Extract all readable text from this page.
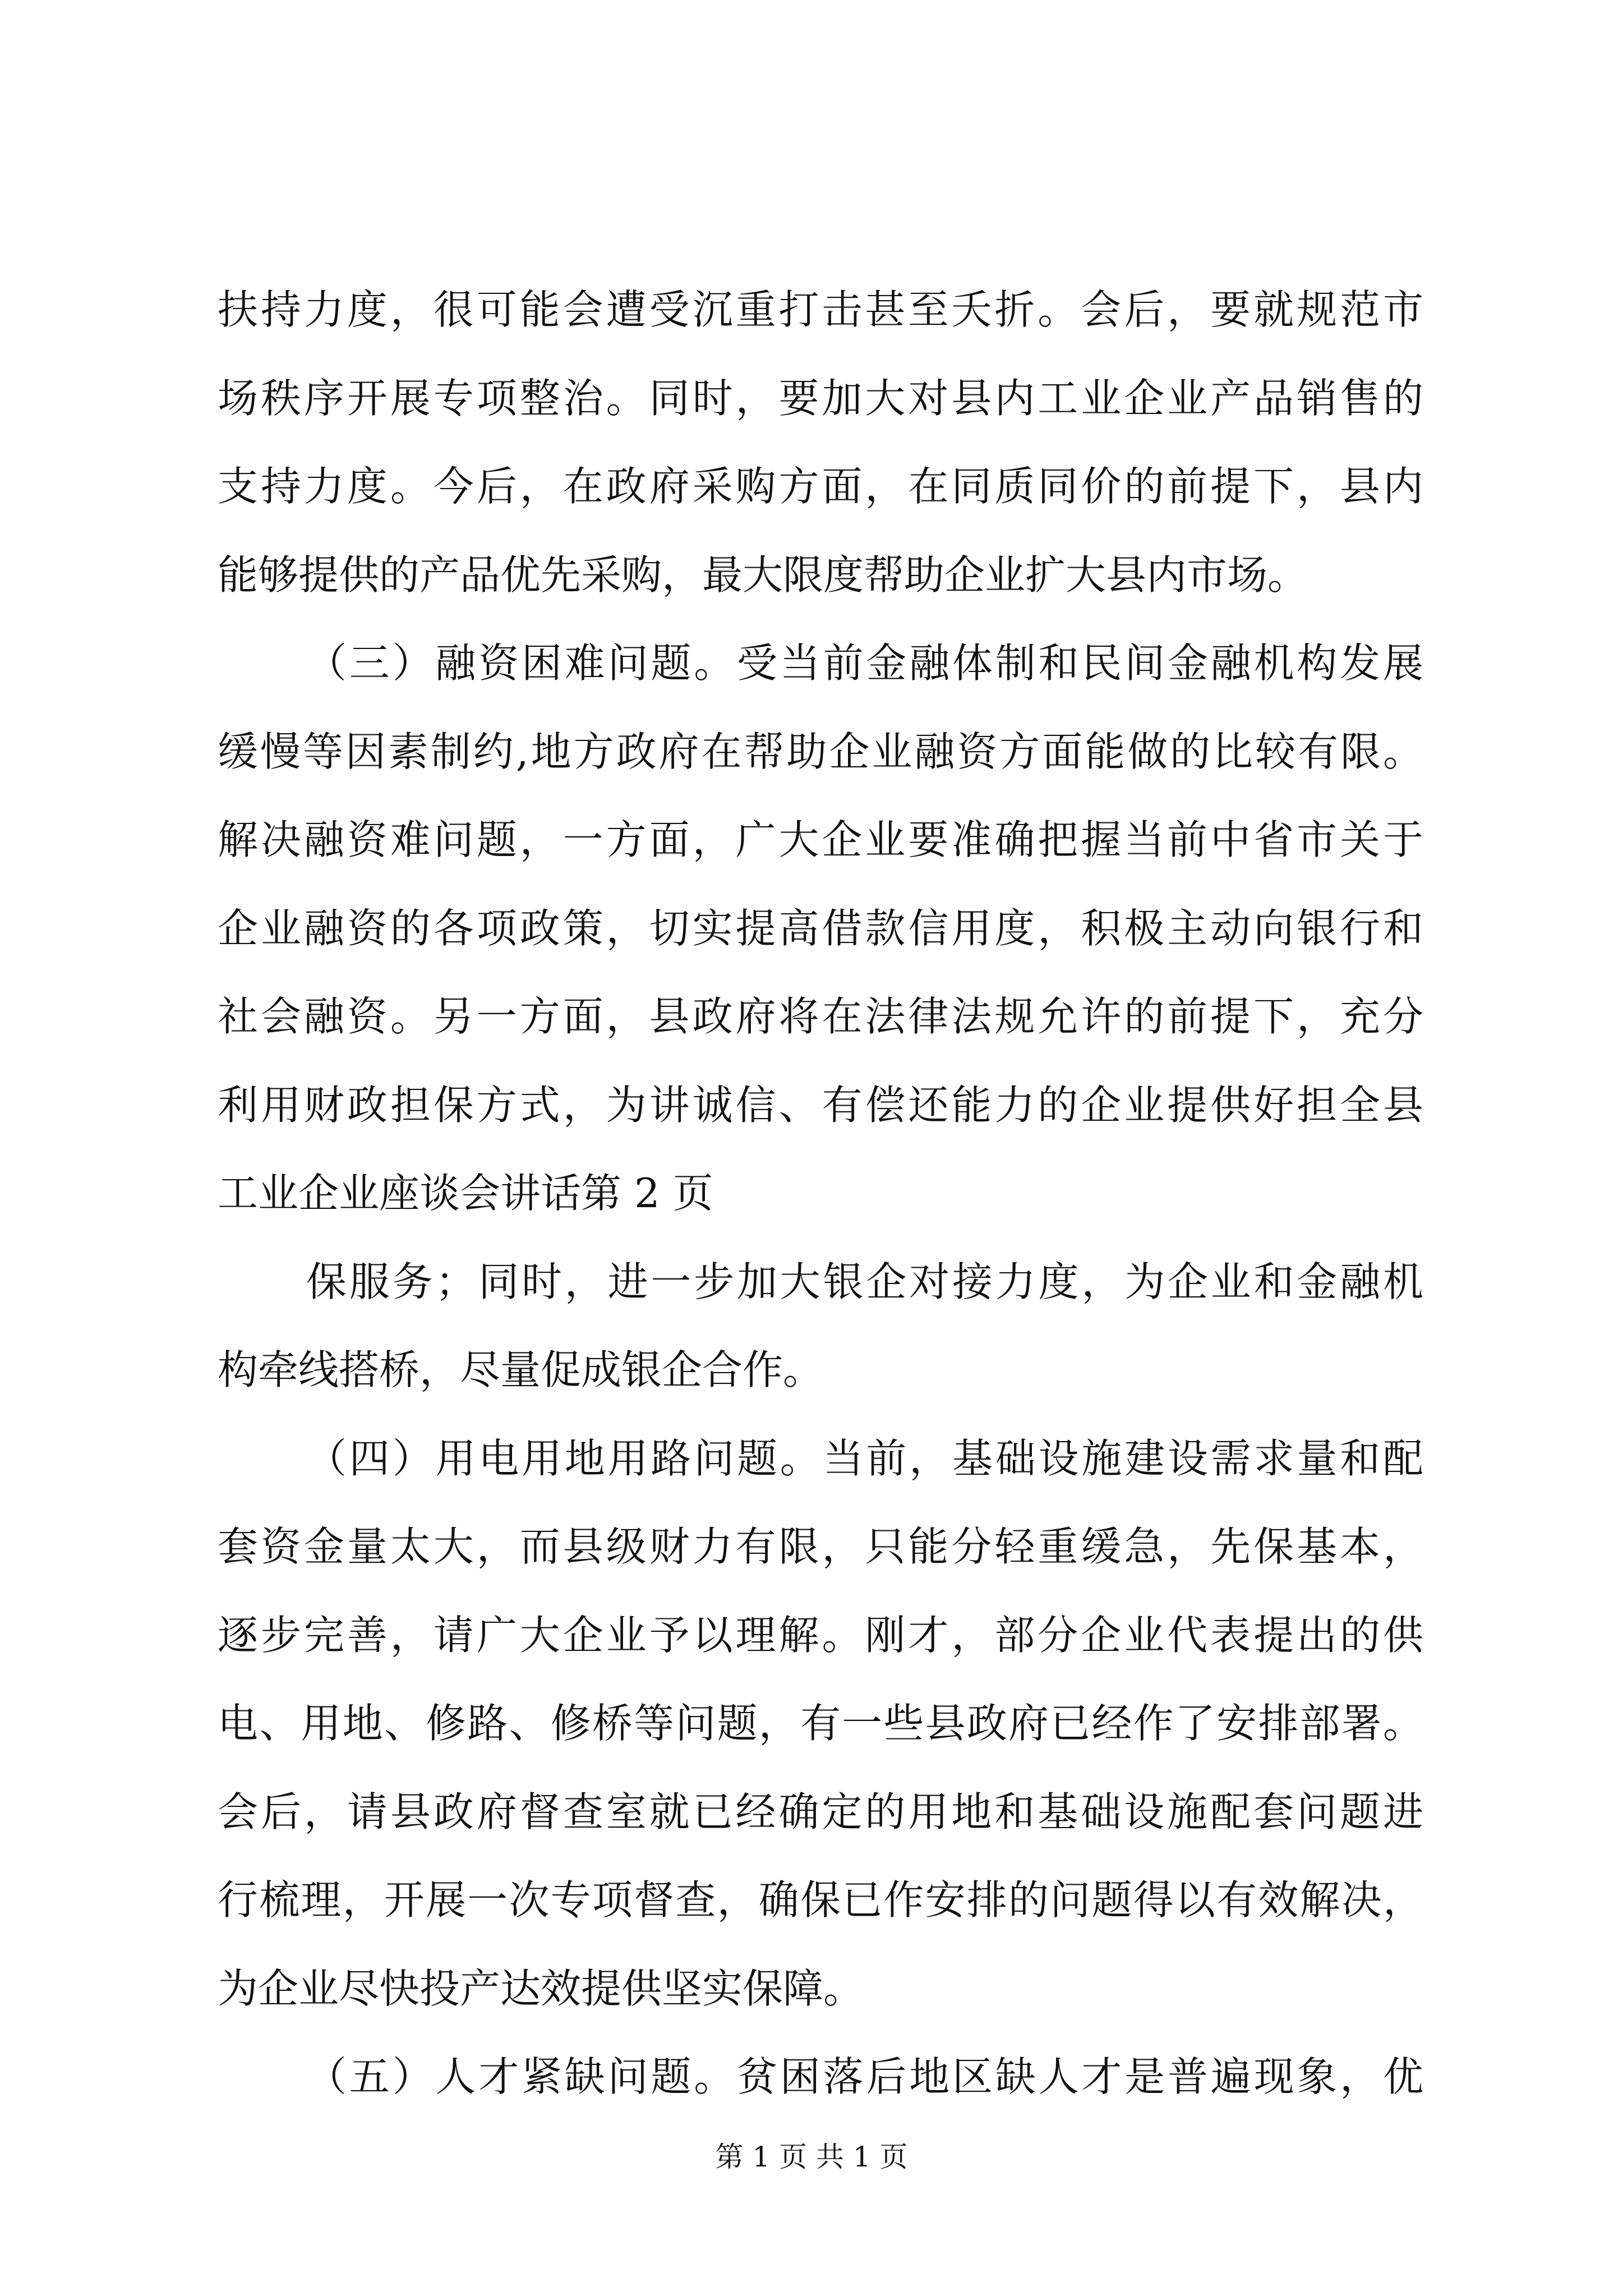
扶持力度，很可能会遭受沉重打击甚至夭折。会后，要就规范市
场秩序开展专项整治。同时，要加大对县内工业企业产品销售的
支持力度。今后，在政府采购方面，在同质同价的前提下，县内
能够提供的产品优先采购，最大限度帮助企业扩大县内市场。
（三）融资困难问题。受当前金融体制和民间金融机构发展
缓慢等因素制约,地方政府在帮助企业融资方面能做的比较有限。
解决融资难问题，一方面，广大企业要准确把握当前中省市关于
企业融资的各项政策，切实提高借款信用度，积极主动向银行和
社会融资。另一方面，县政府将在法律法规允许的前提下，充分
利用财政担保方式，为讲诚信、有偿还能力的企业提供好担全县
工业企业座谈会讲话第 2 页
保服务；同时，进一步加大银企对接力度，为企业和金融机
构牵线搭桥，尽量促成银企合作。
（四）用电用地用路问题。当前，基础设施建设需求量和配
套资金量太大，而县级财力有限，只能分轻重缓急，先保基本，
逐步完善，请广大企业予以理解。刚才，部分企业代表提出的供
电、用地、修路、修桥等问题，有一些县政府已经作了安排部署。
会后，请县政府督查室就已经确定的用地和基础设施配套问题进
行梳理，开展一次专项督查，确保已作安排的问题得以有效解决，
为企业尽快投产达效提供坚实保障。
（五）人才紧缺问题。贫困落后地区缺人才是普遍现象，优
第 1 页 共 1 页
